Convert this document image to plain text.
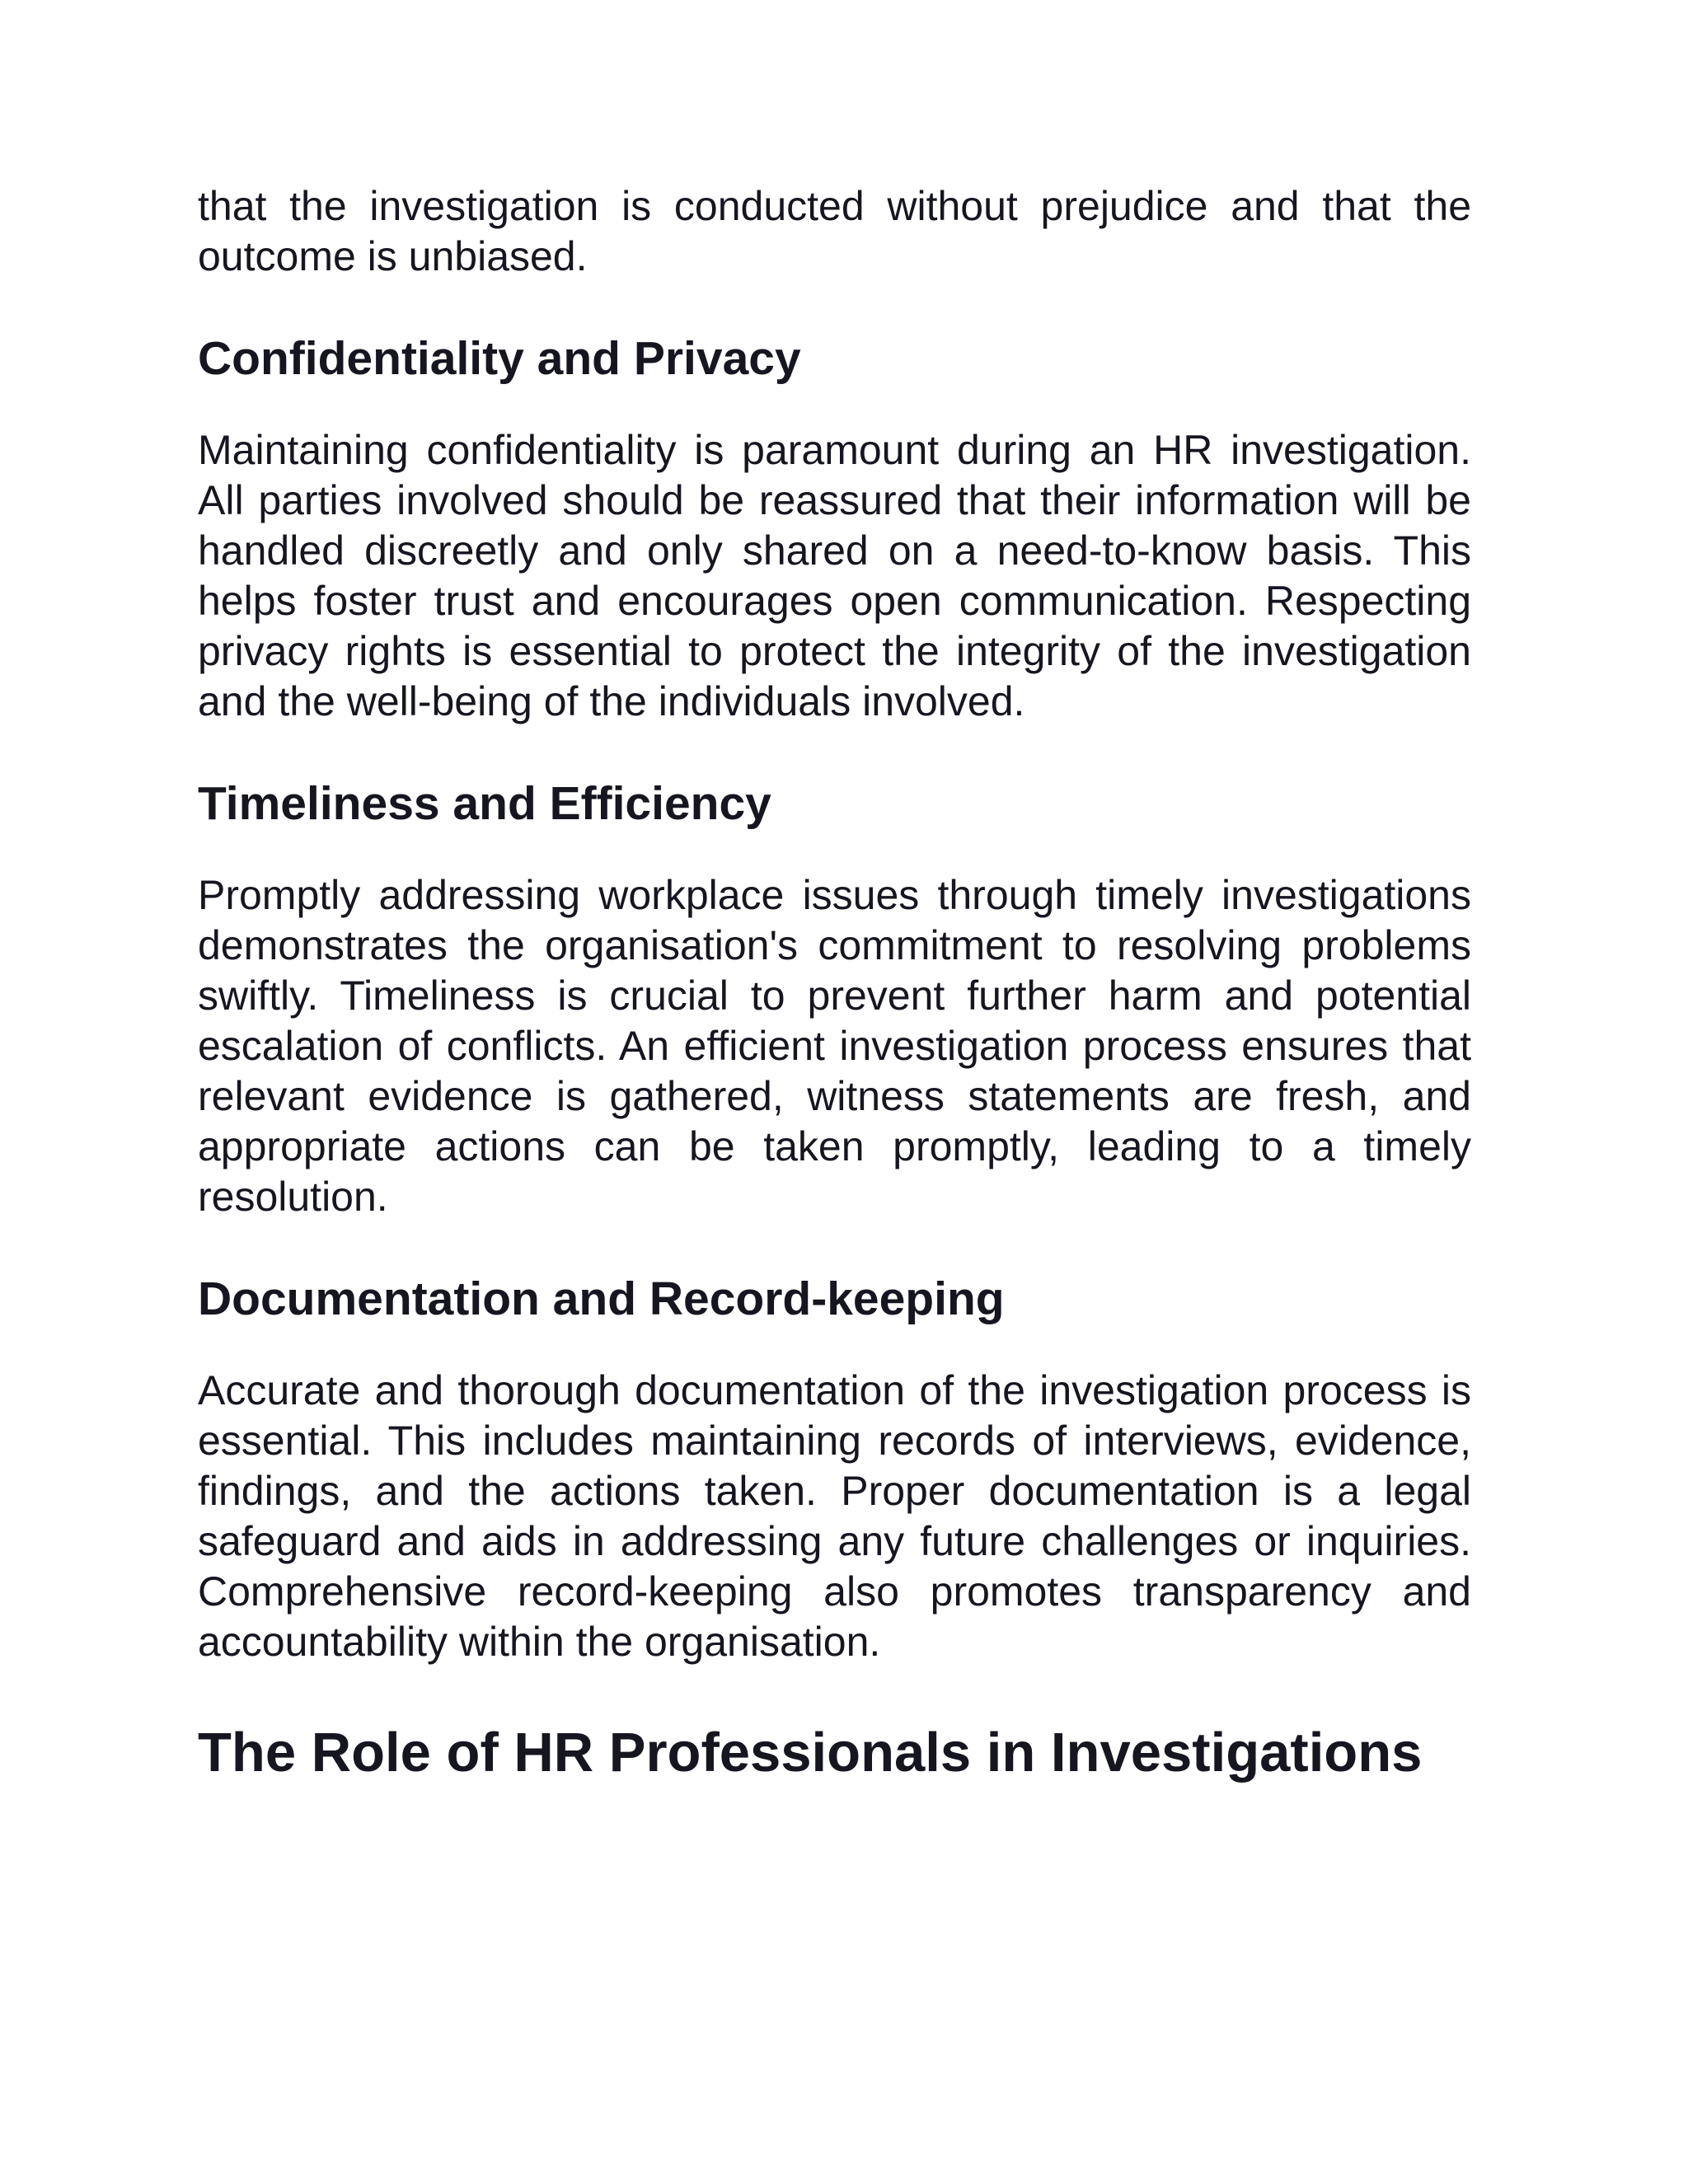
that the investigation is conducted without prejudice and that the outcome is unbiased.

Confidentiality and Privacy

Maintaining confidentiality is paramount during an HR investigation. All parties involved should be reassured that their information will be handled discreetly and only shared on a need-to-know basis. This helps foster trust and encourages open communication. Respecting privacy rights is essential to protect the integrity of the investigation and the well-being of the individuals involved.

Timeliness and Efficiency

Promptly addressing workplace issues through timely investigations demonstrates the organisation's commitment to resolving problems swiftly. Timeliness is crucial to prevent further harm and potential escalation of conflicts. An efficient investigation process ensures that relevant evidence is gathered, witness statements are fresh, and appropriate actions can be taken promptly, leading to a timely resolution.

Documentation and Record-keeping

Accurate and thorough documentation of the investigation process is essential. This includes maintaining records of interviews, evidence, findings, and the actions taken. Proper documentation is a legal safeguard and aids in addressing any future challenges or inquiries. Comprehensive record-keeping also promotes transparency and accountability within the organisation.

The Role of HR Professionals in Investigations
